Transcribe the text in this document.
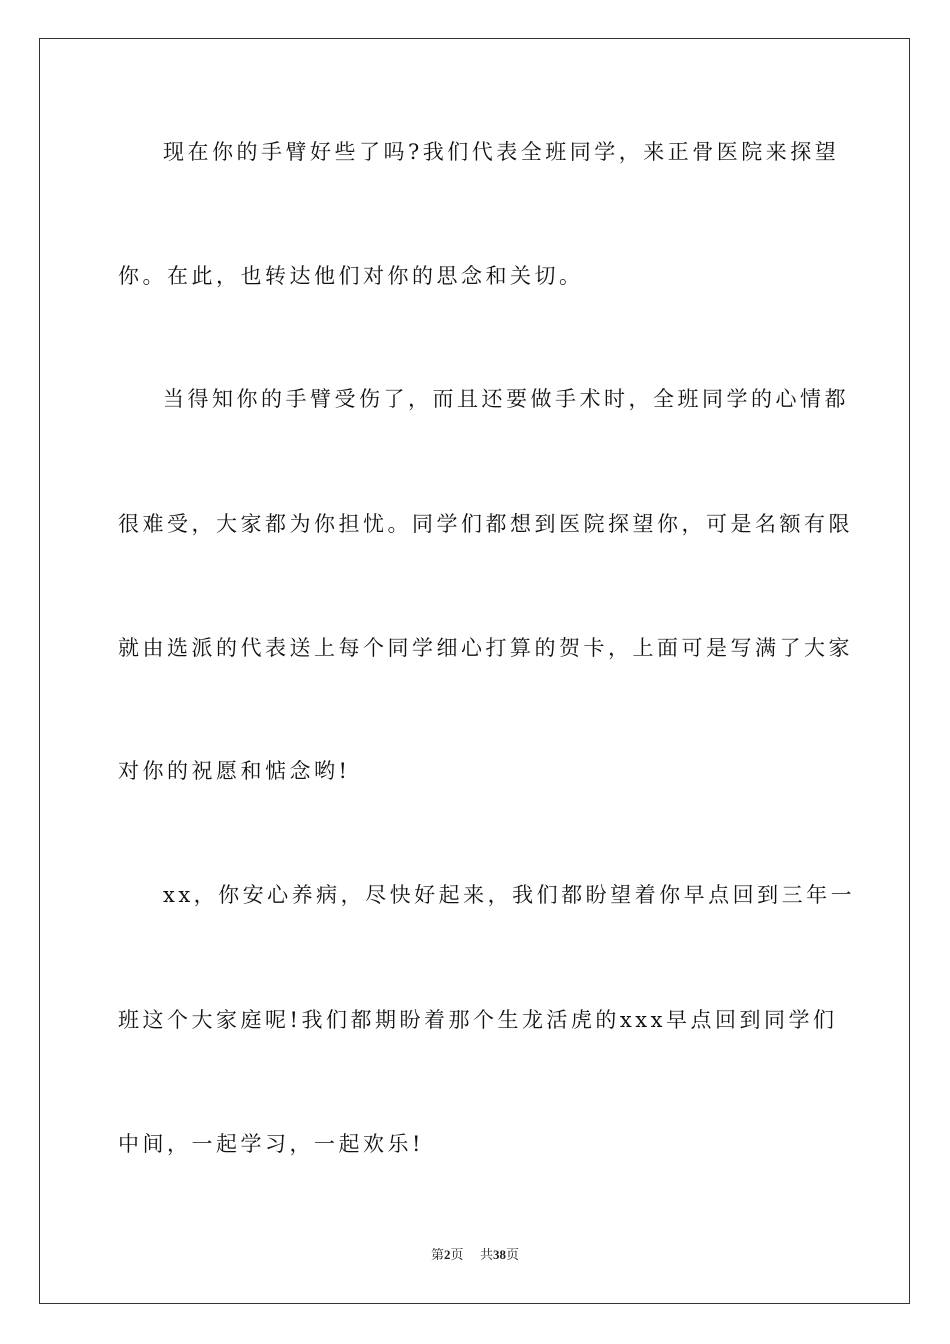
现在你的手臂好些了吗?我们代表全班同学，来正骨医院来探望
你。在此，也转达他们对你的思念和关切。
当得知你的手臂受伤了，而且还要做手术时，全班同学的心情都
很难受，大家都为你担忧。同学们都想到医院探望你，可是名额有限
就由选派的代表送上每个同学细心打算的贺卡，上面可是写满了大家
对你的祝愿和惦念哟!
xx，你安心养病，尽快好起来，我们都盼望着你早点回到三年一
班这个大家庭呢!我们都期盼着那个生龙活虎的xxx早点回到同学们
中间，一起学习，一起欢乐!
第2页 共38页
